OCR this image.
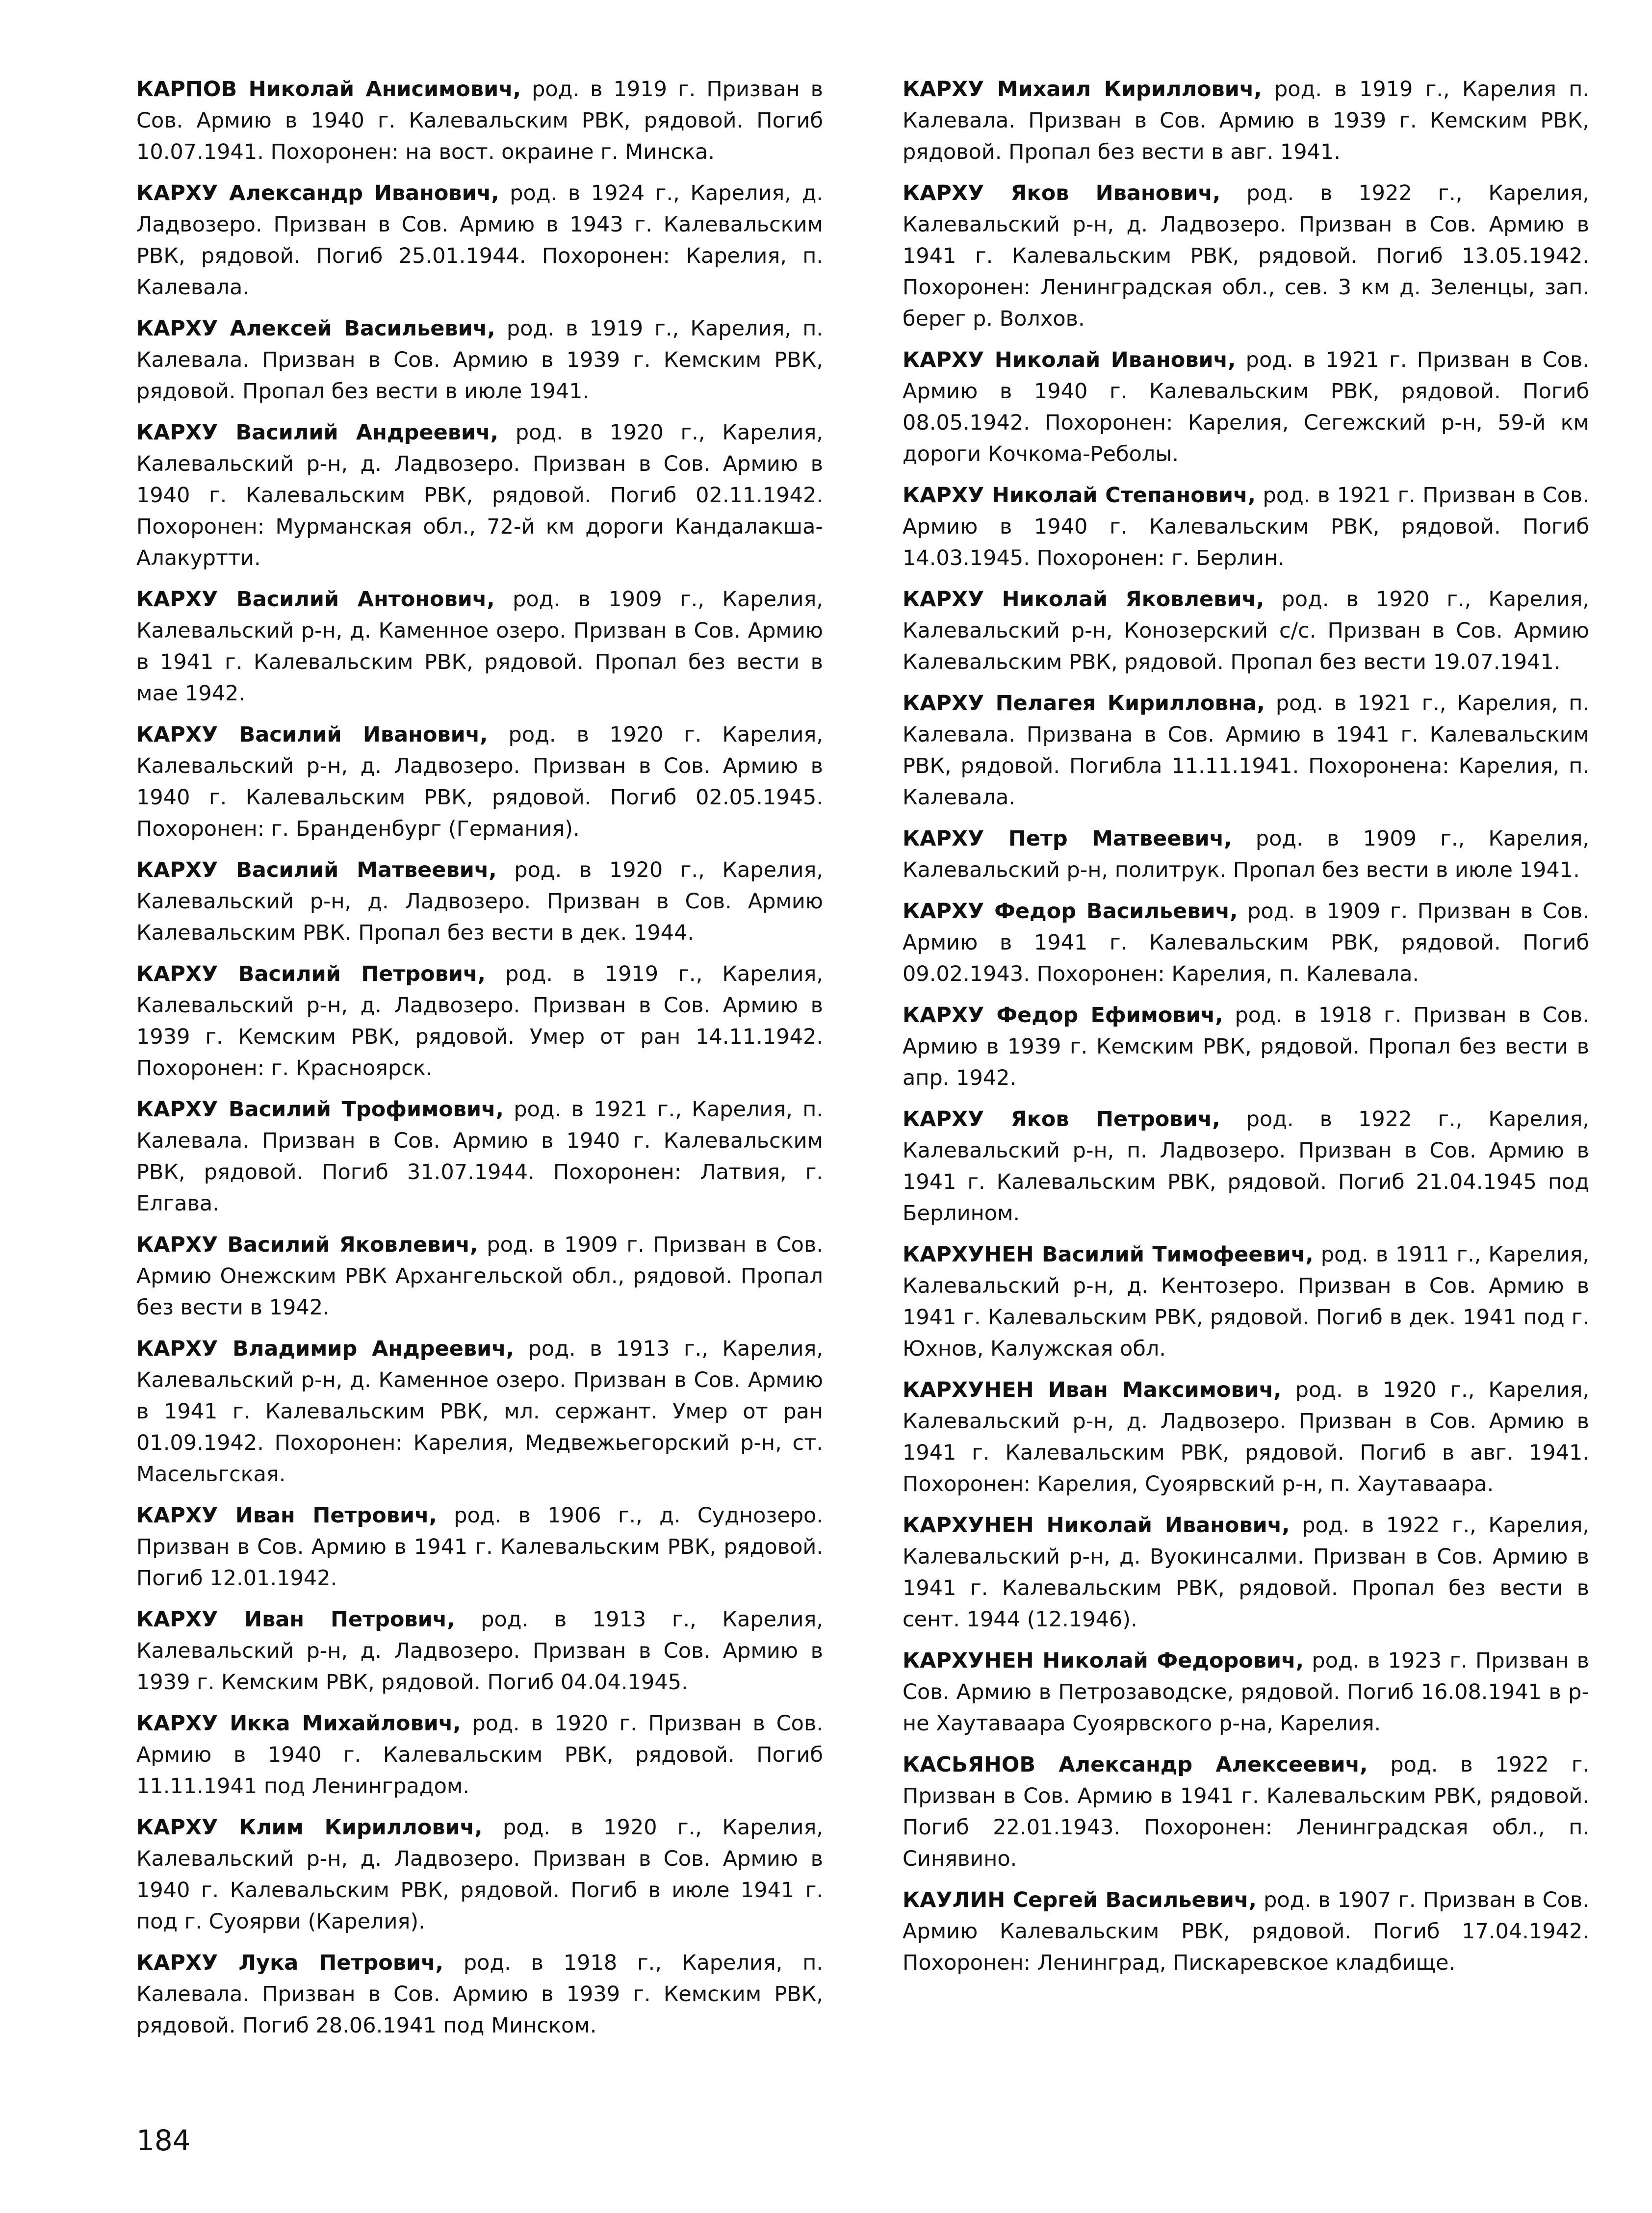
КАРПОВ Николай Анисимович, род. в 1919 г. Призван в Сов. Армию в 1940 г. Калевальским РВК, рядовой. Погиб 10.07.1941. Похоронен: на вост. окраине г. Минска.

КАРХУ Александр Иванович, род. в 1924 г., Карелия, д. Ладвозеро. Призван в Сов. Армию в 1943 г. Калевальским РВК, рядовой. Погиб 25.01.1944. Похоронен: Карелия, п. Калевала.

КАРХУ Алексей Васильевич, род. в 1919 г., Карелия, п. Калевала. Призван в Сов. Армию в 1939 г. Кемским РВК, рядовой. Пропал без вести в июле 1941.

КАРХУ Василий Андреевич, род. в 1920 г., Карелия, Калевальский р-н, д. Ладвозеро. Призван в Сов. Армию в 1940 г. Калевальским РВК, рядовой. Погиб 02.11.1942. Похоронен: Мурманская обл., 72-й км дороги Кандалакша-Алакуртти.

КАРХУ Василий Антонович, род. в 1909 г., Карелия, Калевальский р-н, д. Каменное озеро. Призван в Сов. Армию в 1941 г. Калевальским РВК, рядовой. Пропал без вести в мае 1942.

КАРХУ Василий Иванович, род. в 1920 г. Карелия, Калевальский р-н, д. Ладвозеро. Призван в Сов. Армию в 1940 г. Калевальским РВК, рядовой. Погиб 02.05.1945. Похоронен: г. Бранденбург (Германия).

КАРХУ Василий Матвеевич, род. в 1920 г., Карелия, Калевальский р-н, д. Ладвозеро. Призван в Сов. Армию Калевальским РВК. Пропал без вести в дек. 1944.

КАРХУ Василий Петрович, род. в 1919 г., Карелия, Калевальский р-н, д. Ладвозеро. Призван в Сов. Армию в 1939 г. Кемским РВК, рядовой. Умер от ран 14.11.1942. Похоронен: г. Красноярск.

КАРХУ Василий Трофимович, род. в 1921 г., Карелия, п. Калевала. Призван в Сов. Армию в 1940 г. Калевальским РВК, рядовой. Погиб 31.07.1944. Похоронен: Латвия, г. Елгава.

КАРХУ Василий Яковлевич, род. в 1909 г. Призван в Сов. Армию Онежским РВК Архангельской обл., рядовой. Пропал без вести в 1942.

КАРХУ Владимир Андреевич, род. в 1913 г., Карелия, Калевальский р-н, д. Каменное озеро. Призван в Сов. Армию в 1941 г. Калевальским РВК, мл. сержант. Умер от ран 01.09.1942. Похоронен: Карелия, Медвежьегорский р-н, ст. Масельгская.

КАРХУ Иван Петрович, род. в 1906 г., д. Суднозеро. Призван в Сов. Армию в 1941 г. Калевальским РВК, рядовой. Погиб 12.01.1942.

КАРХУ Иван Петрович, род. в 1913 г., Карелия, Калевальский р-н, д. Ладвозеро. Призван в Сов. Армию в 1939 г. Кемским РВК, рядовой. Погиб 04.04.1945.

КАРХУ Икка Михайлович, род. в 1920 г. Призван в Сов. Армию в 1940 г. Калевальским РВК, рядовой. Погиб 11.11.1941 под Ленинградом.

КАРХУ Клим Кириллович, род. в 1920 г., Карелия, Калевальский р-н, д. Ладвозеро. Призван в Сов. Армию в 1940 г. Калевальским РВК, рядовой. Погиб в июле 1941 г. под г. Суоярви (Карелия).

КАРХУ Лука Петрович, род. в 1918 г., Карелия, п. Калевала. Призван в Сов. Армию в 1939 г. Кемским РВК, рядовой. Погиб 28.06.1941 под Минском.

КАРХУ Михаил Кириллович, род. в 1919 г., Карелия п. Калевала. Призван в Сов. Армию в 1939 г. Кемским РВК, рядовой. Пропал без вести в авг. 1941.

КАРХУ Яков Иванович, род. в 1922 г., Карелия, Калевальский р-н, д. Ладвозеро. Призван в Сов. Армию в 1941 г. Калевальским РВК, рядовой. Погиб 13.05.1942. Похоронен: Ленинградская обл., сев. 3 км д. Зеленцы, зап. берег р. Волхов.

КАРХУ Николай Иванович, род. в 1921 г. Призван в Сов. Армию в 1940 г. Калевальским РВК, рядовой. Погиб 08.05.1942. Похоронен: Карелия, Сегежский р-н, 59-й км дороги Кочкома-Реболы.

КАРХУ Николай Степанович, род. в 1921 г. Призван в Сов. Армию в 1940 г. Калевальским РВК, рядовой. Погиб 14.03.1945. Похоронен: г. Берлин.

КАРХУ Николай Яковлевич, род. в 1920 г., Карелия, Калевальский р-н, Конозерский с/с. Призван в Сов. Армию Калевальским РВК, рядовой. Пропал без вести 19.07.1941.

КАРХУ Пелагея Кирилловна, род. в 1921 г., Карелия, п. Калевала. Призвана в Сов. Армию в 1941 г. Калевальским РВК, рядовой. Погибла 11.11.1941. Похоронена: Карелия, п. Калевала.

КАРХУ Петр Матвеевич, род. в 1909 г., Карелия, Калевальский р-н, политрук. Пропал без вести в июле 1941.

КАРХУ Федор Васильевич, род. в 1909 г. Призван в Сов. Армию в 1941 г. Калевальским РВК, рядовой. Погиб 09.02.1943. Похоронен: Карелия, п. Калевала.

КАРХУ Федор Ефимович, род. в 1918 г. Призван в Сов. Армию в 1939 г. Кемским РВК, рядовой. Пропал без вести в апр. 1942.

КАРХУ Яков Петрович, род. в 1922 г., Карелия, Калевальский р-н, п. Ладвозеро. Призван в Сов. Армию в 1941 г. Калевальским РВК, рядовой. Погиб 21.04.1945 под Берлином.

КАРХУНЕН Василий Тимофеевич, род. в 1911 г., Карелия, Калевальский р-н, д. Кентозеро. Призван в Сов. Армию в 1941 г. Калевальским РВК, рядовой. Погиб в дек. 1941 под г. Юхнов, Калужская обл.

КАРХУНЕН Иван Максимович, род. в 1920 г., Карелия, Калевальский р-н, д. Ладвозеро. Призван в Сов. Армию в 1941 г. Калевальским РВК, рядовой. Погиб в авг. 1941. Похоронен: Карелия, Суоярвский р-н, п. Хаутаваара.

КАРХУНЕН Николай Иванович, род. в 1922 г., Карелия, Калевальский р-н, д. Вуокинсалми. Призван в Сов. Армию в 1941 г. Калевальским РВК, рядовой. Пропал без вести в сент. 1944 (12.1946).

КАРХУНЕН Николай Федорович, род. в 1923 г. Призван в Сов. Армию в Петрозаводске, рядовой. Погиб 16.08.1941 в р-не Хаутаваара Суоярвского р-на, Карелия.

КАСЬЯНОВ Александр Алексеевич, род. в 1922 г. Призван в Сов. Армию в 1941 г. Калевальским РВК, рядовой. Погиб 22.01.1943. Похоронен: Ленинградская обл., п. Синявино.

КАУЛИН Сергей Васильевич, род. в 1907 г. Призван в Сов. Армию Калевальским РВК, рядовой. Погиб 17.04.1942. Похоронен: Ленинград, Пискаревское кладбище.

184
